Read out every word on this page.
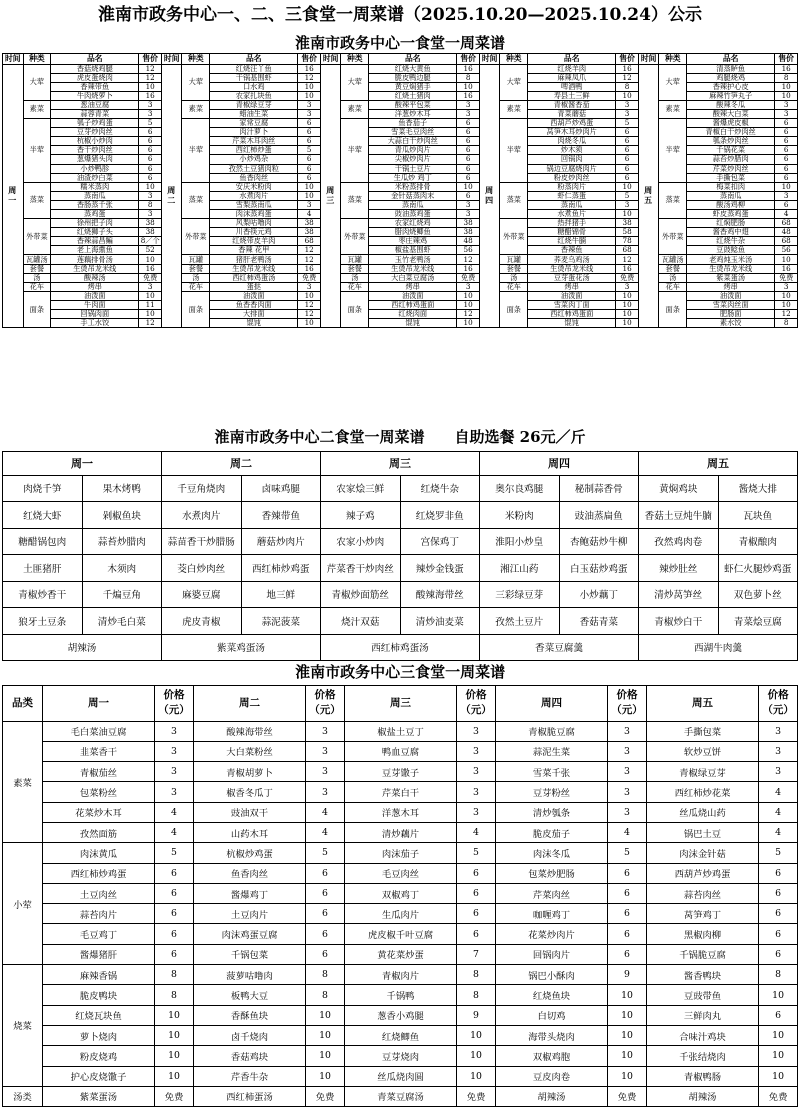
淮南市政务中心一、二、三食堂一周菜谱（2025.10.20—2025.10.24）公示
淮南市政务中心一食堂一周菜谱																			
时间	种类	品名	售价	时间	种类	品名	售价	时间	种类	品名	售价	时间	种类	品名	售价	时间	种类	品名	售价
周一	大荤	香菇烧鸡腿	12	周二	大荤	红烧汪丫鱼	16	周三	大荤	红烧大黄鱼	16	周四	大荤	红烧羊肉	16	周五	大荤	清蒸鲈鱼	16
		虎皮蛋烧肉	12			干锅基围虾	12			脆皮鸭边腿	8			麻辣凤爪	12			鸡腿烧鸡	8
		香辣带鱼	10			口水鸡	10			黄豆焖猪手	10			啤酒鸭	8			香辣护心皮	10
		牛肉烧萝卜	16			农家扎块鱼	10			红烧土猪肉	16			寿县土三鲜	10			麻辣竹笋丸子	10
	素菜	葱油豆腐	3		素菜	青椒绿豆芽	3		素菜	酸辣平包菜	3		素菜	青椒酱香茄	3		素菜	酸辣冬瓜	3
		蒜蓉青菜	3			蜡油生菜	3			洋葱炒木耳	3			青菜蘑菇	3			酸辣大白菜	3
	半荤	瓠子炒鸡蛋	5		半荤	家常豆腐	6		半荤	鱼香茄子	6		半荤	西葫芦炒鸡蛋	5		半荤	酱爆虎皮椒	6
		豆芽炒肉丝	6			肉汁萝卜	6			雪菜毛豆肉丝	6			莴笋木耳炒肉片	6			青椒白干炒肉丝	6
		杭椒小炒肉	6			芹菜木耳肉丝	6			大蒜白干炒肉丝	6			肉烧冬瓜	6			瓠条炒肉丝	6
		香干炒肉丝	6			西红柿炒蛋	5			青瓜炒肉片	6			炒木须	6			千锅花菜	6
		葱爆猪头肉	6			小炒鸡杂	6			尖椒炒肉片	6			回锅肉	6			蒜苔炒腊肉	6
		小炒鸭胗	6			孜然土豆猪肉粒	6			干锅土豆片	6			锅边豆腐烧肉片	6			芹菜炒肉丝	6
		油渣炒白菜	6			鱼香肉丝	6			生瓜炒 鸡丁	6			粉皮炒肉丝	6			手撕包菜	6
	蒸菜	糯米蒸肉	10		蒸菜	安庆米粉肉	10		蒸菜	米粉蒸排骨	10		蒸菜	粉蒸肉片	10		蒸菜	梅菜扣肉	10
		蒸南瓜	3			水煮肉片	10			金针菇蒸肉末	6			虾仁蒸蛋	5			蒸南瓜	3
		香肠蒸千张	8			雪梨蒸南瓜	3			蒸南瓜	3			蒸南瓜	3			酸汤鸡柳	6
		蒸鸡蛋	3			肉沫蒸鸡蛋	4			豉油蒸鸡蛋	3			水煮鱼片	10			虾皮蒸鸡蛋	4
	外带菜	徐州把子肉	38		外带菜	风梨咕噜肉	38		外带菜	农家红烧鸡	38		外带菜	热拌猪手	38		外带菜	红焖肥肠	68
		红烧狮子头	38			川香筷元鸡	38			腊肉烧鲫鱼	38			糖醋锦骨	58			酱香鸡中翅	48
		香辣蒜昌鳊	8／个			红烧带皮羊肉	68			枣庄辣鸡	48			红烧牛腩	78			红烧牛杂	68
		老上海熏鱼	52			香辣 花甲	12			椒盐基围虾	56			香辣鱼	68			豆豉鲶鱼	56
	瓦罐汤	莲藕排骨汤	10		瓦罐	猪肝老鸭汤	12		瓦罐	玉竹老鸭汤	12		瓦罐	荞麦乌鸡汤	12		瓦罐汤	老鸡炖玉米汤	10
	套餐	生烫吊龙米线	16		套餐	生烫吊龙米线	16		套餐	生烫吊龙米线	16		套餐	生烫吊龙米线	16		套餐	生烫吊龙米线	16
	汤	酸辣汤	免费		汤	西红柿鸡蛋汤	免费		汤	大白菜豆腐汤	免费		汤	豆芽蛋花汤	免费		汤	紫菜蛋汤	免费
	花车	烤串	3		花车	蛋挞	3		花车	烤串	3		花车	烤串	3		花车	烤串	3
	面条	油泼面	10		面条	油泼面	10		面条	油泼面	10		面条	油泼面	10		面条	油泼面	10
		牛肉面	11			鱼香香肉面	12			西红柿鸡蛋面	10			雪菜肉丁面	10			雪菜肉丝面	10
		回锅肉面	10			大排面	12			红烧肉面	12			西红柿鸡蛋面	10			肥肠面	12
		手工水饺	12			馄饨	10			馄饨	10			馄饨	10			素水饺	8
淮南市政务中心二食堂一周菜谱 自助选餐 26元／斤									
周一		周二		周三		周四		周五	
肉烧千笋	果木烤鸭	千豆角烧肉	卤味鸡腿	农家烩三鲜	红烧牛杂	奥尔良鸡腿	秘制蒜香骨	黄焖鸡块	酱烧大排
红烧大虾	剁椒鱼块	水煮肉片	香辣带鱼	辣子鸡	红烧罗非鱼	米粉肉	豉油蒸扁鱼	香菇土豆炖牛腩	瓦块鱼
糖醋锅包肉	蒜苔炒腊肉	蒜苗香干炒腊肠	蘑菇炒肉片	农家小炒肉	宫保鸡丁	淮阳小炒皇	杏鲍菇炒牛柳	孜然鸡肉卷	青椒酿肉
土匪猪肝	木须肉	茭白炒肉丝	西红柿炒鸡蛋	芹菜香干炒肉丝	辣炒金钱蛋	湘江山药	白玉菇炒鸡蛋	辣炒肚丝	虾仁火腿炒鸡蛋
青椒炒香干	千煸豆角	麻婆豆腐	地三鲜	青椒炒面筋丝	酸辣海带丝	三彩绿豆芽	小炒藕丁	清炒莴笋丝	双色萝卜丝
狼牙土豆条	清炒毛白菜	虎皮青椒	蒜泥菠菜	烧汁双菇	清炒油麦菜	孜然土豆片	香菇青菜	青椒炒白干	青菜烩豆腐
胡辣汤		紫菜鸡蛋汤		西红柿鸡蛋汤		香菜豆腐羹		西湖牛肉羹	
淮南市政务中心三食堂一周菜谱										
品类	周一	价格（元）	周二	价格（元）	周三	价格（元）	周四	价格（元）	周五	价格（元）
素菜	毛白菜油豆腐	3	酸辣海带丝	3	椒盐土豆丁	3	青椒脆豆腐	3	手撕包菜	3
	韭菜香干	3	大白菜粉丝	3	鸭血豆腐	3	蒜泥生菜	3	软炒豆饼	3
	青椒茄丝	3	青椒胡萝卜	3	豆芽馓子	3	雪菜千张	3	青椒绿豆芽	3
	包菜粉丝	3	椒香冬瓜丁	3	芹菜白干	3	豆芽粉丝	3	西红柿炒花菜	4
	花菜炒木耳	4	豉油双干	4	洋葱木耳	3	清炒瓠条	3	丝瓜烧山药	4
	孜然面筋	4	山药木耳	4	清炒藕片	4	脆皮茄子	4	锅巴土豆	4
小荤	肉沫黄瓜	5	杭椒炒鸡蛋	5	肉沫茄子	5	肉沫冬瓜	5	肉沫金针菇	5
	西红柿炒鸡蛋	6	鱼香肉丝	6	毛豆肉丝	6	包菜炒肥肠	6	西葫芦炒鸡蛋	6
	土豆肉丝	6	酱爆鸡丁	6	双椒鸡丁	6	芹菜肉丝	6	蒜苔肉丝	6
	蒜苔肉片	6	土豆肉片	6	生瓜肉片	6	咖喱鸡丁	6	莴笋鸡丁	6
	毛豆鸡丁	6	肉沫鸡蛋豆腐	6	虎皮椒千叶豆腐	6	花菜炒肉片	6	黑椒肉柳	6
	酱爆猪肝	6	千锅包菜	6	黄花菜炒蛋	7	回锅肉片	6	千锅脆豆腐	6
烧菜	麻辣香锅	8	菠萝咕噜肉	8	青椒肉片	8	锅巴小酥肉	9	酱香鸭块	8
	脆皮鸭块	8	板鸭大豆	8	千锅鸭	8	红烧鱼块	10	豆豉带鱼	10
	红烧瓦块鱼	10	香酥鱼块	10	葱香小鸡腿	9	白切鸡	10	三鲜肉丸	6
	萝卜烧肉	10	卤千烧肉	10	红烧鲫鱼	10	海带头烧肉	10	合味汁鸡块	10
	粉皮烧鸡	10	香菇鸡块	10	豆芽烧肉	10	双椒鸡胞	10	千张结烧肉	10
	护心皮烧馓子	10	芹香牛杂	10	丝瓜烧肉圆	10	豆皮肉卷	10	青椒鸭肠	10
汤类	紫菜蛋汤	免费	西红柿蛋汤	免费	青菜豆腐汤	免费	胡辣汤	免费	胡辣汤	免费
